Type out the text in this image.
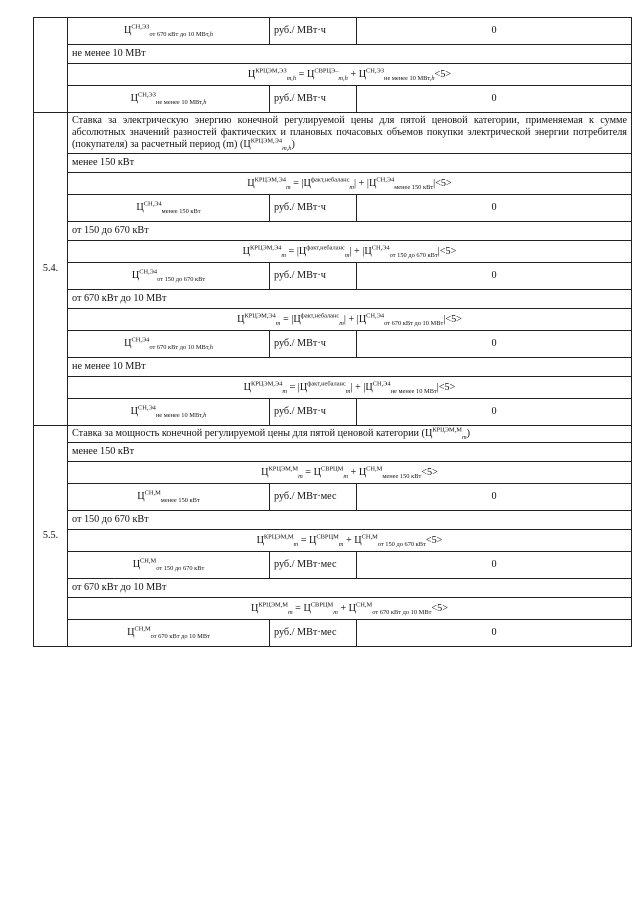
	$Ц^{СН,ЭЗ}_{от 670 кВт до 10 МВт,h}$	руб./ МВт·ч	0
	не менее 10 МВт		
	$Ц^{КРЦЭМ,ЭЗ}_{m,h} = Ц^{СВРЦЭ-}_{m,h} + Ц^{СН,ЭЗ}_{не менее 10 МВт,h}<5>$		
	$Ц^{СН,ЭЗ}_{не менее 10 МВт,h}$	руб./ МВт·ч	0
5.4.	Ставка за электрическую энергию конечной регулируемой цены для пятой ценовой категории, применяемая к сумме абсолютных значений разностей фактических и плановых почасовых объемов покупки электрической энергии потребителя (покупателя) за расчетный период (m) $(Ц^{КРЦЭМ,Э4}_{m,h})$		
	менее 150 кВт		
	$Ц^{КРЦЭМ,Э4}_m = |Ц^{факт,небаланс}_m| + |Ц^{СН,Э4}_{менее 150 кВт}|<5>$		
	$Ц^{СН,Э4}_{менее 150 кВт}$	руб./ МВт·ч	0
	от 150 до 670 кВт		
	$Ц^{КРЦЭМ,Э4}_m = |Ц^{факт,небаланс}_m| + |Ц^{СН,Э4}_{от 150 до 670 кВт}|<5>$		
	$Ц^{СН,Э4}_{от 150 до 670 кВт}$	руб./ МВт·ч	0
	от 670 кВт до 10 МВт		
	$Ц^{КРЦЭМ,Э4}_m = |Ц^{факт,небаланс}_m| + |Ц^{СН,Э4}_{от 670 кВт до 10 МВт}|<5>$		
	$Ц^{СН,Э4}_{от 670 кВт до 10 МВт,h}$	руб./ МВт·ч	0
	не менее 10 МВт		
	$Ц^{КРЦЭМ,Э4}_m = |Ц^{факт,небаланс}_m| + |Ц^{СН,Э4}_{не менее 10 МВт}|<5>$		
	$Ц^{СН,Э4}_{не менее 10 МВт,h}$	руб./ МВт·ч	0
5.5.	Ставка за мощность конечной регулируемой цены для пятой ценовой категории $(Ц^{КРЦЭМ,М}_m)$		
	менее 150 кВт		
	$Ц^{КРЦЭМ,М}_m = Ц^{СВРЦМ}_m + Ц^{СН,М}_{менее 150 кВт}<5>$		
	$Ц^{СН,М}_{менее 150 кВт}$	руб./ МВт·мес	0
	от 150 до 670 кВт		
	$Ц^{КРЦЭМ,М}_m = Ц^{СВРЦМ}_m + Ц^{СН,М}_{от 150 до 670 кВт}<5>$		
	$Ц^{СН,М}_{от 150 до 670 кВт}$	руб./ МВт·мес	0
	от 670 кВт до 10 МВт		
	$Ц^{КРЦЭМ,М}_m = Ц^{СВРЦМ}_m + Ц^{СН,М}_{от 670 кВт до 10 МВт}<5>$		
	$Ц^{СН,М}_{от 670 кВт до 10 МВт}$	руб./ МВт·мес	0
